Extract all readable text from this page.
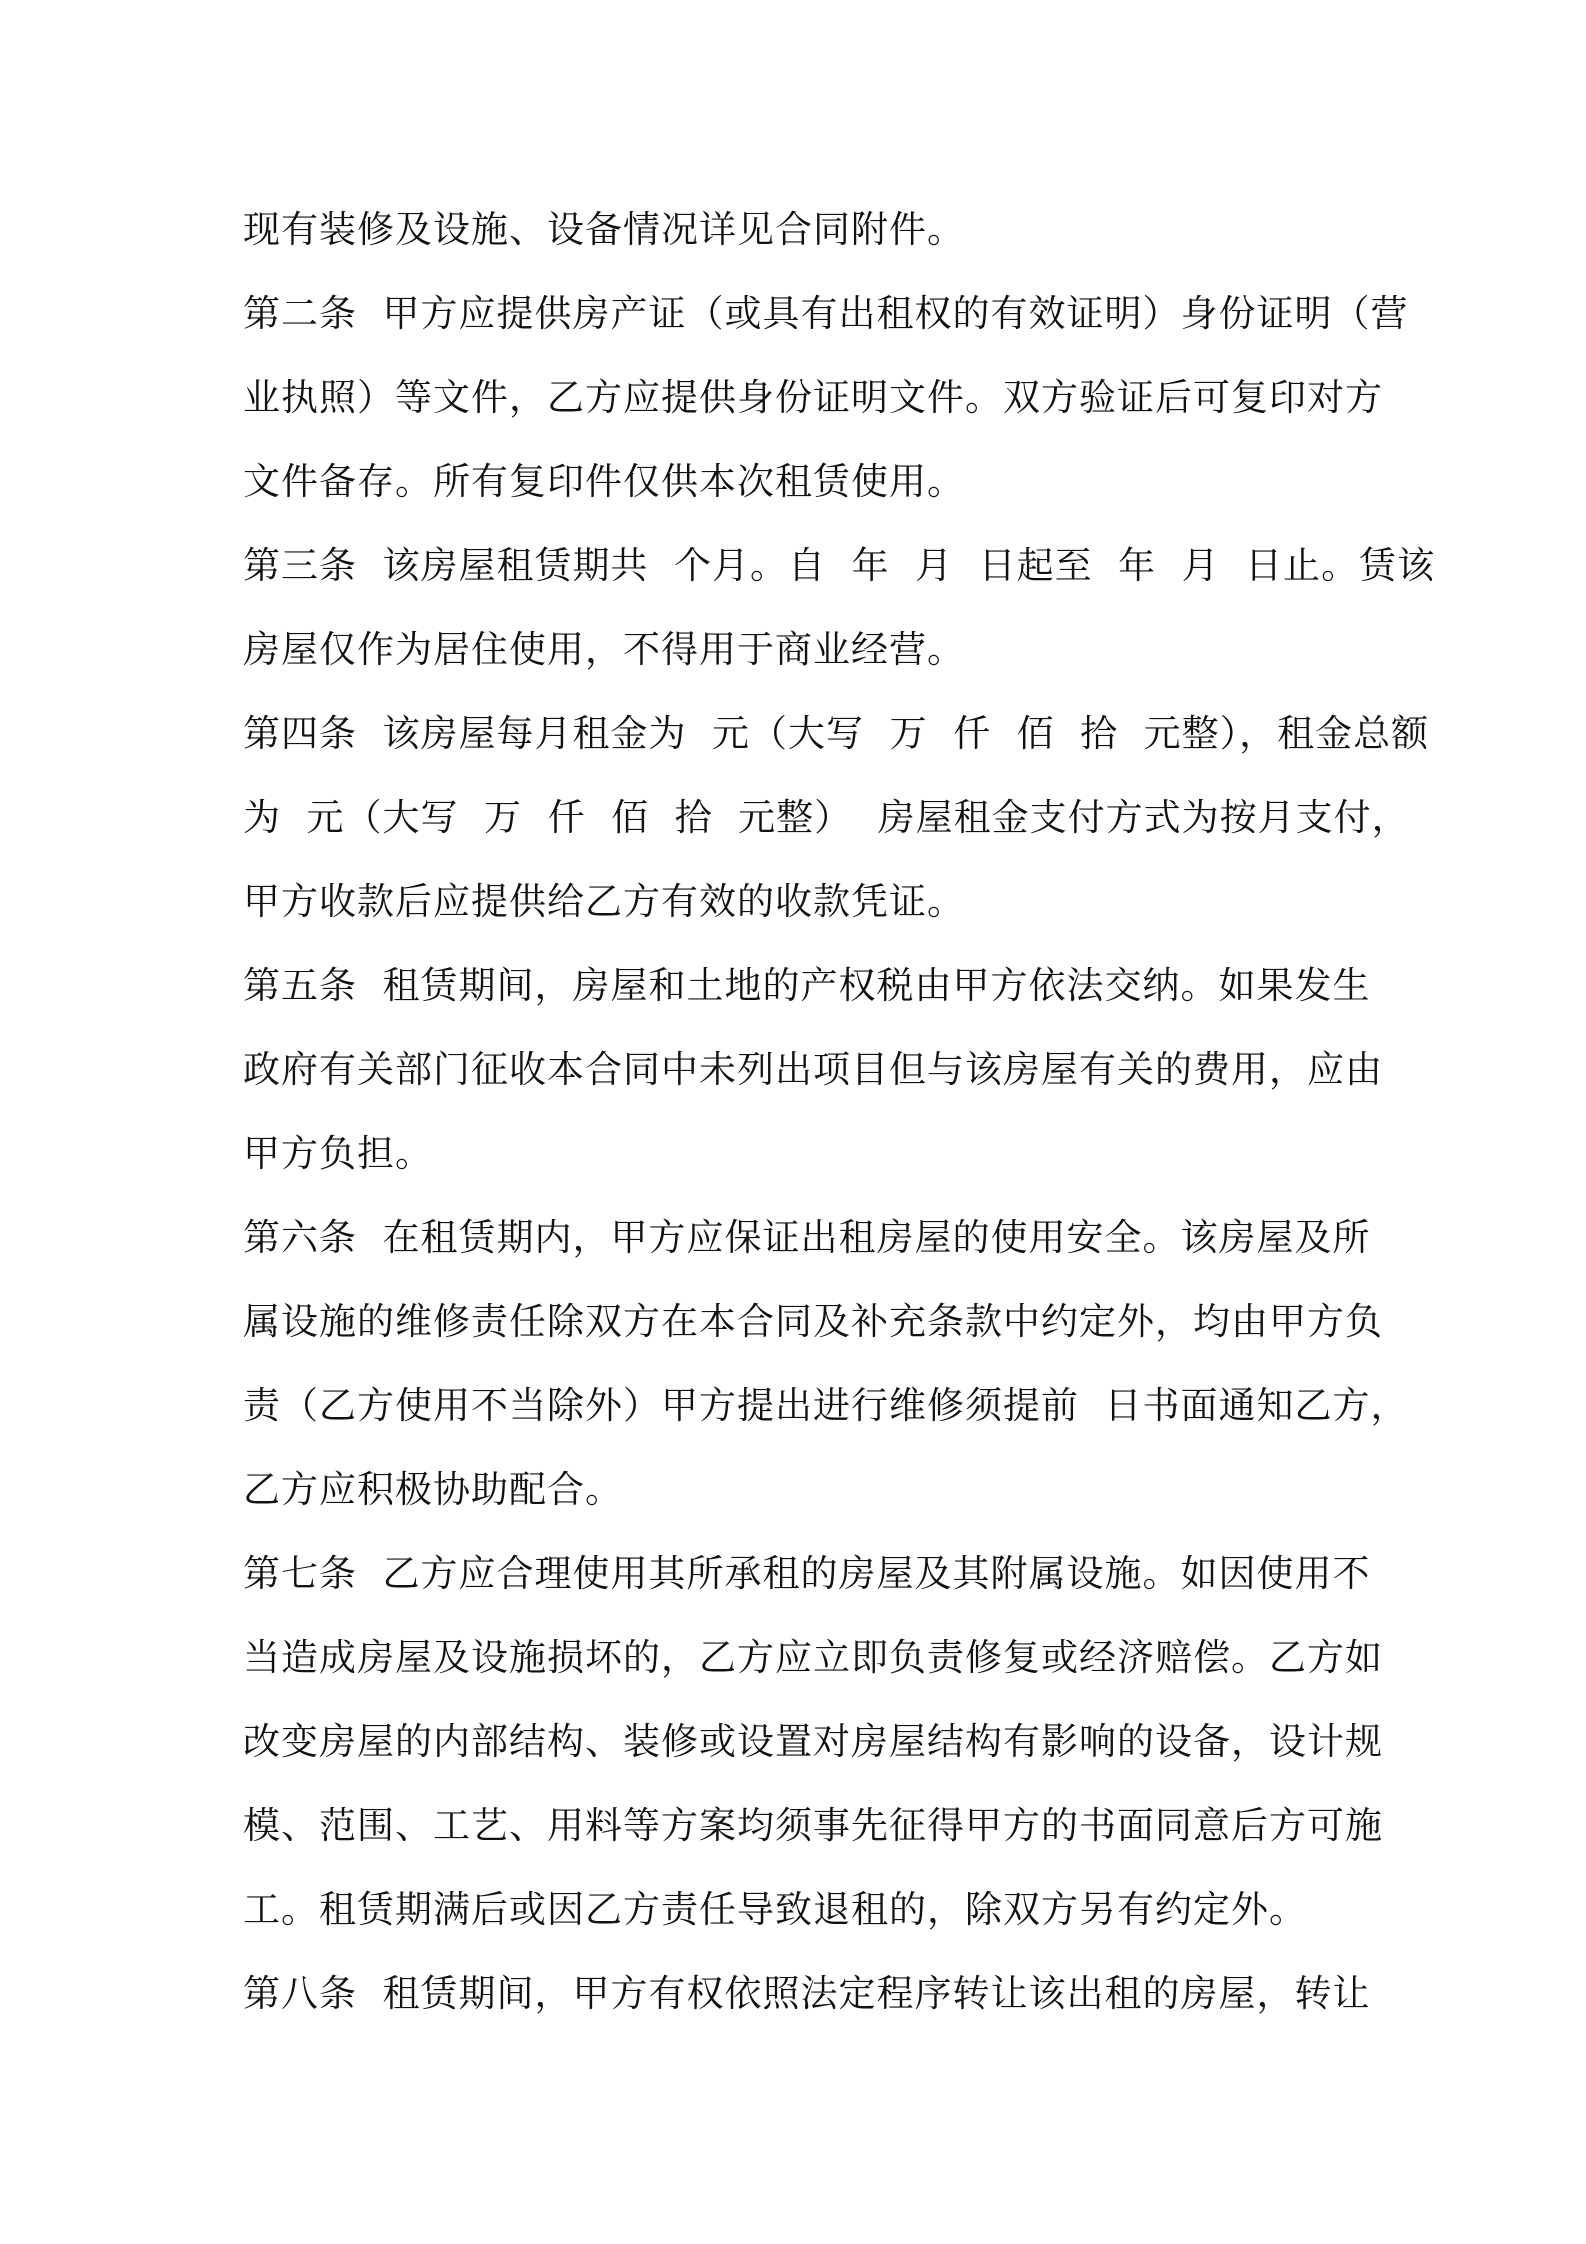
现有装修及设施、设备情况详见合同附件。
第二条  甲方应提供房产证（或具有出租权的有效证明）身份证明（营
业执照）等文件，乙方应提供身份证明文件。双方验证后可复印对方
文件备存。所有复印件仅供本次租赁使用。
第三条  该房屋租赁期共  个月。自  年  月  日起至  年  月  日止。赁该
房屋仅作为居住使用，不得用于商业经营。
第四条  该房屋每月租金为  元（大写  万  仟  佰  拾  元整），租金总额
为  元（大写  万  仟  佰  拾  元整）  房屋租金支付方式为按月支付，
甲方收款后应提供给乙方有效的收款凭证。
第五条  租赁期间，房屋和土地的产权税由甲方依法交纳。如果发生
政府有关部门征收本合同中未列出项目但与该房屋有关的费用，应由
甲方负担。
第六条  在租赁期内，甲方应保证出租房屋的使用安全。该房屋及所
属设施的维修责任除双方在本合同及补充条款中约定外，均由甲方负
责（乙方使用不当除外）甲方提出进行维修须提前  日书面通知乙方，
乙方应积极协助配合。
第七条  乙方应合理使用其所承租的房屋及其附属设施。如因使用不
当造成房屋及设施损坏的，乙方应立即负责修复或经济赔偿。乙方如
改变房屋的内部结构、装修或设置对房屋结构有影响的设备，设计规
模、范围、工艺、用料等方案均须事先征得甲方的书面同意后方可施
工。租赁期满后或因乙方责任导致退租的，除双方另有约定外。
第八条  租赁期间，甲方有权依照法定程序转让该出租的房屋，转让
